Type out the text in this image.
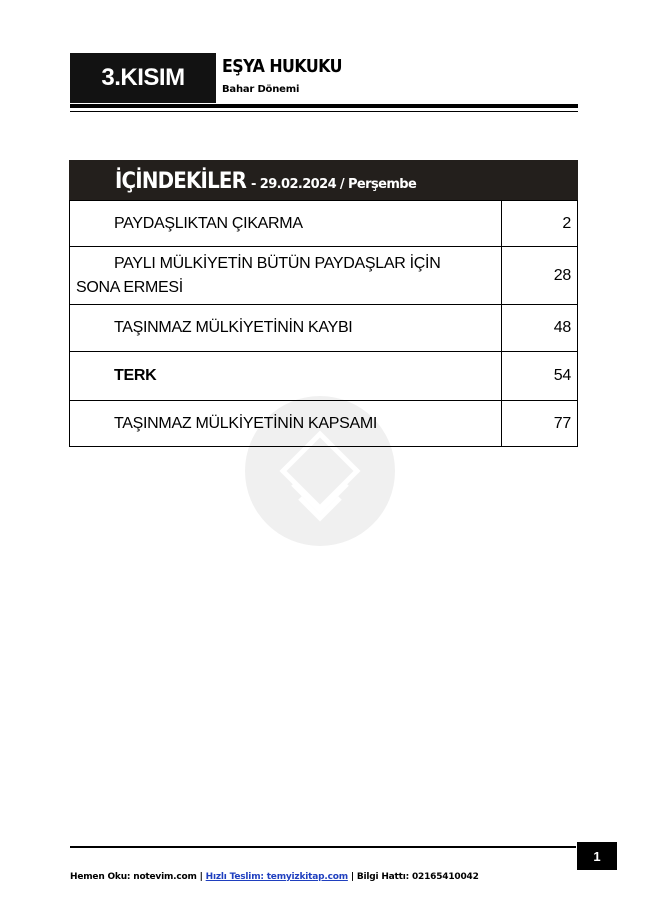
3.KISIM EŞYA HUKUKU
Bahar Dönemi
İÇİNDEKİLER - 29.02.2024 / Perşembe
PAYDAŞLIKTAN ÇIKARMA	2
PAYLI MÜLKİYETİN BÜTÜN PAYDAŞLAR İÇİN
SONA ERMESİ	28
TAŞINMAZ MÜLKİYETİNİN KAYBI	48
TERK	54
TAŞINMAZ MÜLKİYETİNİN KAPSAMI	77
1
Hemen Oku: notevim.com | Hızlı Teslim: temyizkitap.com | Bilgi Hattı: 02165410042
